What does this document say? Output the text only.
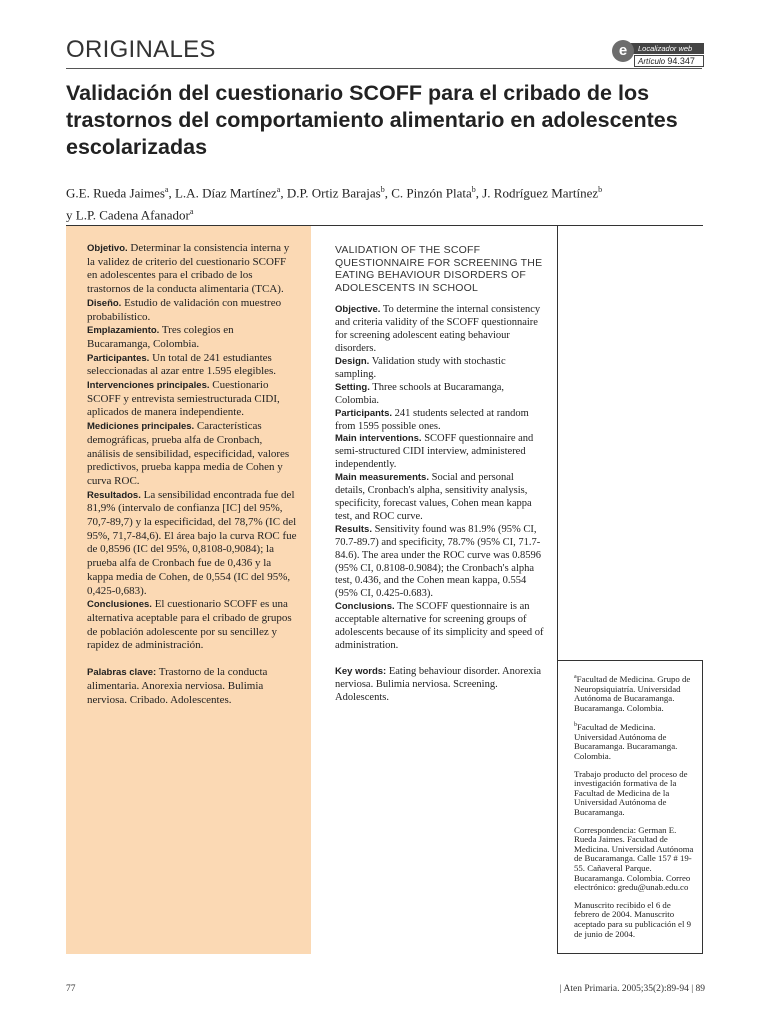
ORIGINALES	Localizador web
e
Artículo 94.347
Validación del cuestionario SCOFF para el cribado de los trastornos del comportamiento alimentario en adolescentes escolarizadas
G.E. Rueda Jaimes$^a$, L.A. Díaz Martínez$^a$, D.P. Ortiz Barajas$^b$, C. Pinzón Plata$^b$, J. Rodríguez Martínez$^b$
y L.P. Cadena Afanador$^a$
Objetivo. Determinar la consistencia interna y la validez de criterio del cuestionario SCOFF en adolescentes para el cribado de los trastornos de la conducta alimentaria (TCA).
Diseño. Estudio de validación con muestreo probabilístico.
Emplazamiento. Tres colegios en Bucaramanga, Colombia.
Participantes. Un total de 241 estudiantes seleccionadas al azar entre 1.595 elegibles.
Intervenciones principales. Cuestionario SCOFF y entrevista semiestructurada CIDI, aplicados de manera independiente.
Mediciones principales. Características demográficas, prueba alfa de Cronbach, análisis de sensibilidad, especificidad, valores predictivos, prueba kappa media de Cohen y curva ROC.
Resultados. La sensibilidad encontrada fue del 81,9% (intervalo de confianza [IC] del 95%, 70,7-89,7) y la especificidad, del 78,7% (IC del 95%, 71,7-84,6). El área bajo la curva ROC fue de 0,8596 (IC del 95%, 0,8108-0,9084); la prueba alfa de Cronbach fue de 0,436 y la kappa media de Cohen, de 0,554 (IC del 95%, 0,425-0,683).
Conclusiones. El cuestionario SCOFF es una alternativa aceptable para el cribado de grupos de población adolescente por su sencillez y rapidez de administración.
Palabras clave: Trastorno de la conducta alimentaria. Anorexia nerviosa. Bulimia nerviosa. Cribado. Adolescentes.
VALIDATION OF THE SCOFF QUESTIONNAIRE FOR SCREENING THE EATING BEHAVIOUR DISORDERS OF ADOLESCENTS IN SCHOOL
Objective. To determine the internal consistency and criteria validity of the SCOFF questionnaire for screening adolescent eating behaviour disorders.
Design. Validation study with stochastic sampling.
Setting. Three schools at Bucaramanga, Colombia.
Participants. 241 students selected at random from 1595 possible ones.
Main interventions. SCOFF questionnaire and semi-structured CIDI interview, administered independently.
Main measurements. Social and personal details, Cronbach's alpha, sensitivity analysis, specificity, forecast values, Cohen mean kappa test, and ROC curve.
Results. Sensitivity found was 81.9% (95% CI, 70.7-89.7) and specificity, 78.7% (95% CI, 71.7-84.6). The area under the ROC curve was 0.8596 (95% CI, 0.8108-0.9084); the Cronbach's alpha test, 0.436, and the Cohen mean kappa, 0.554 (95% CI, 0.425-0.683).
Conclusions. The SCOFF questionnaire is an acceptable alternative for screening groups of adolescents because of its simplicity and speed of administration.
Key words: Eating behaviour disorder. Anorexia nerviosa. Bulimia nerviosa. Screening. Adolescents.

$^a$Facultad de Medicina. Grupo de Neuropsiquiatría. Universidad Autónoma de Bucaramanga. Bucaramanga. Colombia.

$^b$Facultad de Medicina. Universidad Autónoma de Bucaramanga. Bucaramanga. Colombia.

Trabajo producto del proceso de investigación formativa de la Facultad de Medicina de la Universidad Autónoma de Bucaramanga.

Correspondencia: German E. Rueda Jaimes. Facultad de Medicina. Universidad Autónoma de Bucaramanga. Calle 157 # 19-55. Cañaveral Parque. Bucaramanga. Colombia. Correo electrónico: gredu@unab.edu.co

Manuscrito recibido el 6 de febrero de 2004. Manuscrito aceptado para su publicación el 9 de junio de 2004.

77	| Aten Primaria. 2005;35(2):89-94 | 89
